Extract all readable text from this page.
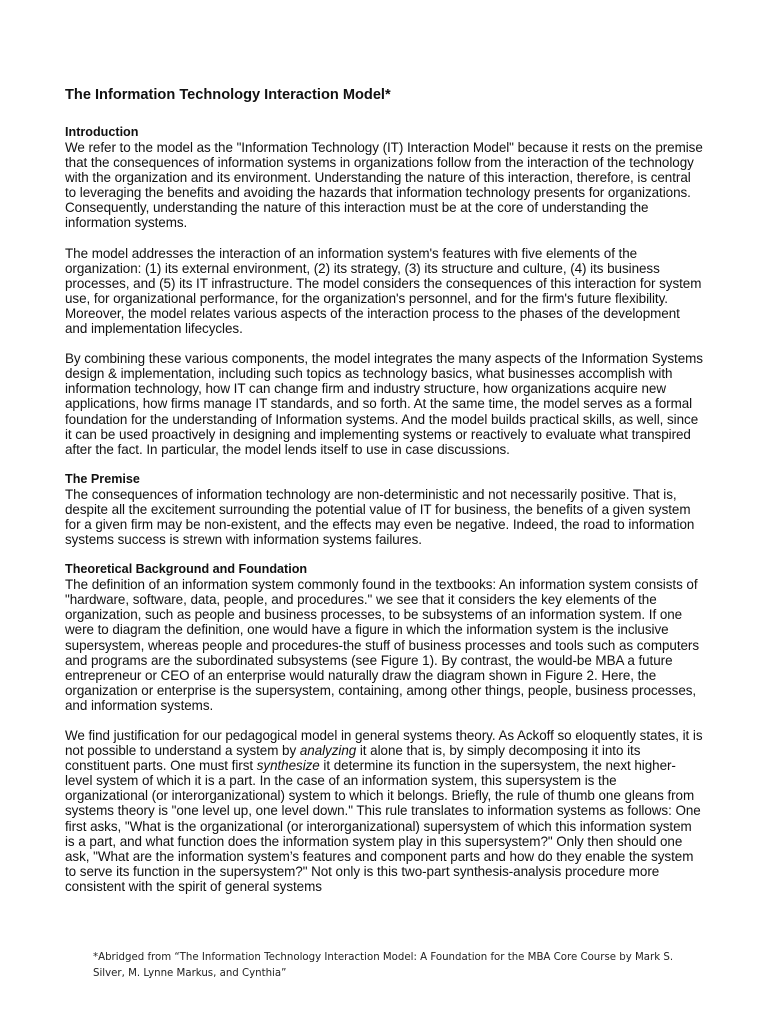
The Information Technology Interaction Model*
Introduction

We refer to the model as the "Information Technology (IT) Interaction Model" because it rests on the premise that the consequences of information systems in organizations follow from the interaction of the technology with the organization and its environment. Understanding the nature of this interaction, therefore, is central to leveraging the benefits and avoiding the hazards that information technology presents for organizations. Consequently, understanding the nature of this interaction must be at the core of understanding the information systems.

The model addresses the interaction of an information system's features with five elements of the organization: (1) its external environment, (2) its strategy, (3) its structure and culture, (4) its business processes, and (5) its IT infrastructure. The model considers the consequences of this interaction for system use, for organizational performance, for the organization's personnel, and for the firm's future flexibility. Moreover, the model relates various aspects of the interaction process to the phases of the development and implementation lifecycles.

By combining these various components, the model integrates the many aspects of the Information Systems design & implementation, including such topics as technology basics, what businesses accomplish with information technology, how IT can change firm and industry structure, how organizations acquire new applications, how firms manage IT standards, and so forth. At the same time, the model serves as a formal foundation for the understanding of Information systems. And the model builds practical skills, as well, since it can be used proactively in designing and implementing systems or reactively to evaluate what transpired after the fact. In particular, the model lends itself to use in case discussions.

The Premise

The consequences of information technology are non-deterministic and not necessarily positive. That is, despite all the excitement surrounding the potential value of IT for business, the benefits of a given system for a given firm may be non-existent, and the effects may even be negative. Indeed, the road to information systems success is strewn with information systems failures.

Theoretical Background and Foundation

The definition of an information system commonly found in the textbooks: An information system consists of "hardware, software, data, people, and procedures." we see that it considers the key elements of the organization, such as people and business processes, to be subsystems of an information system. If one were to diagram the definition, one would have a figure in which the information system is the inclusive supersystem, whereas people and procedures-the stuff of business processes and tools such as computers and programs are the subordinated subsystems (see Figure 1). By contrast, the would-be MBA a future entrepreneur or CEO of an enterprise would naturally draw the diagram shown in Figure 2. Here, the organization or enterprise is the supersystem, containing, among other things, people, business processes, and information systems.

We find justification for our pedagogical model in general systems theory. As Ackoff so eloquently states, it is not possible to understand a system by analyzing it alone that is, by simply decomposing it into its constituent parts. One must first synthesize it determine its function in the supersystem, the next higher-level system of which it is a part. In the case of an information system, this supersystem is the organizational (or interorganizational) system to which it belongs. Briefly, the rule of thumb one gleans from systems theory is "one level up, one level down." This rule translates to information systems as follows: One first asks, "What is the organizational (or interorganizational) supersystem of which this information system is a part, and what function does the information system play in this supersystem?" Only then should one ask, "What are the information system’s features and component parts and how do they enable the system to serve its function in the supersystem?" Not only is this two-part synthesis-analysis procedure more consistent with the spirit of general systems

*Abridged from “The Information Technology Interaction Model: A Foundation for the MBA Core Course by Mark S. Silver, M. Lynne Markus, and Cynthia”
